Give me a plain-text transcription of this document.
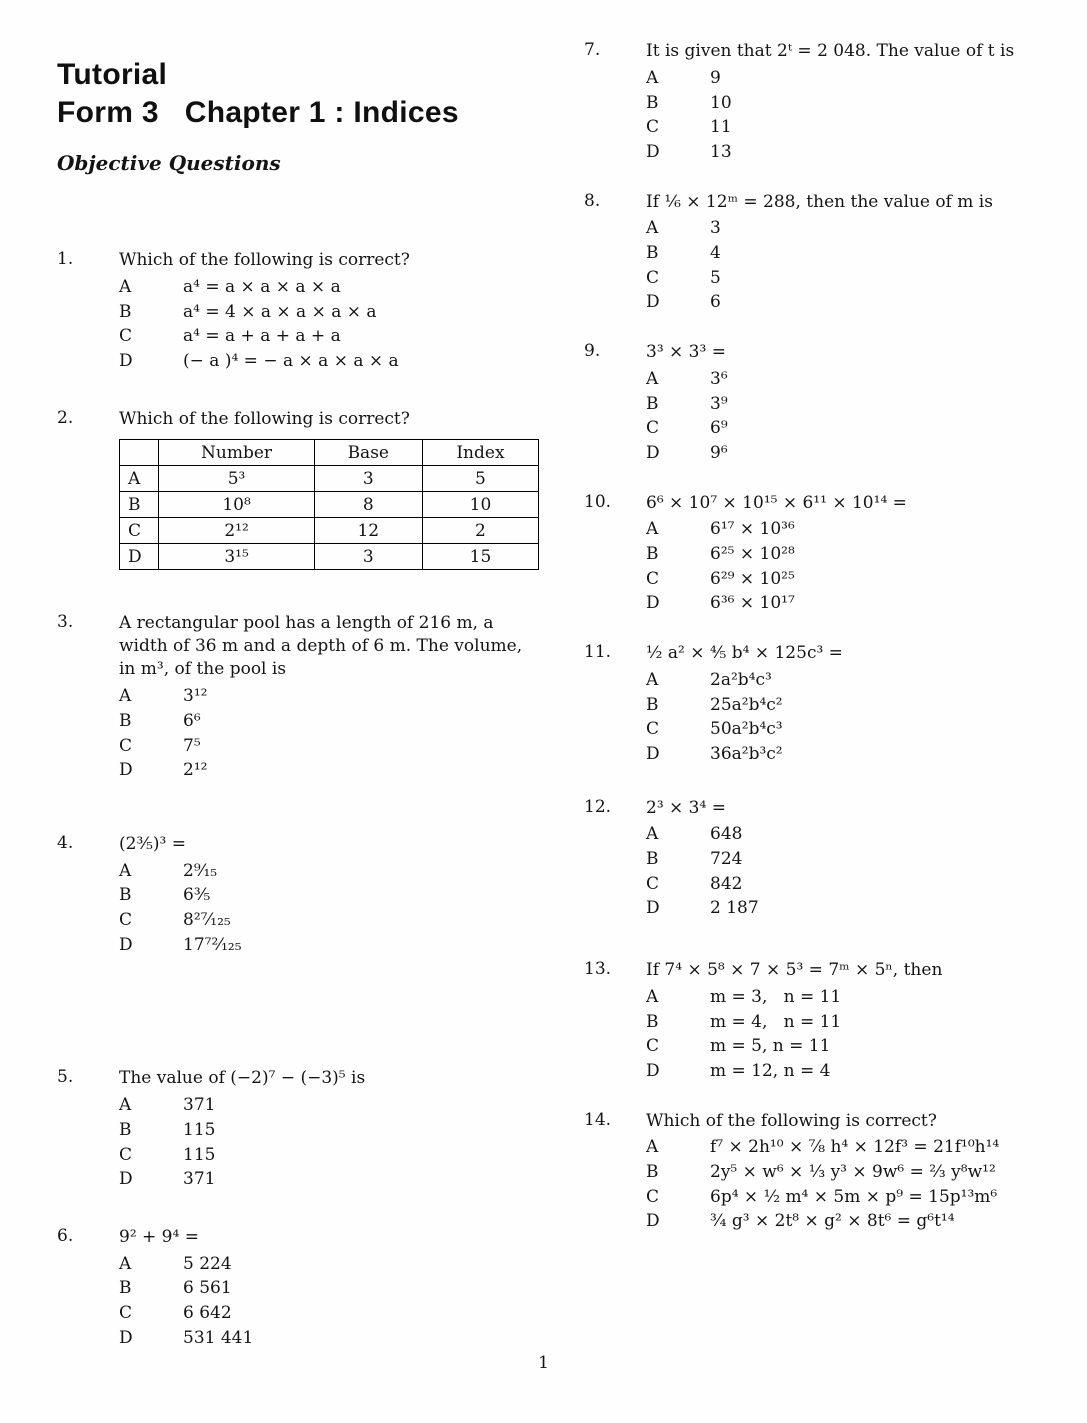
Tutorial
Form 3   Chapter 1 : Indices
Objective Questions
1.	Which of the following is correct?
A	a⁴ = a × a × a × a
B	a⁴ = 4 × a × a × a × a
C	a⁴ = a + a + a + a
D	(− a )⁴ = − a × a × a × a
2.	Which of the following is correct?
	Number	Base	Index
A	5³	3	5
B	10⁸	8	10
C	2¹²	12	2
D	3¹⁵	3	15
3.	A rectangular pool has a length of 216 m, a width of 36 m and a depth of 6 m. The volume, in m³, of the pool is
A	3¹²
B	6⁶
C	7⁵
D	2¹²
4.	(2³⁄₅)³ =
A	2⁹⁄₁₅
B	6³⁄₅
C	8²⁷⁄₁₂₅
D	17⁷²⁄₁₂₅
5.	The value of (−2)⁷ − (−3)⁵ is
A	371
B	115
C	115
D	371
6.	9² + 9⁴ =
A	5 224
B	6 561
C	6 642
D	531 441
7.	It is given that 2ᵗ = 2 048. The value of t is
A	9
B	10
C	11
D	13
8.	If ¹⁄₆ × 12ᵐ = 288, then the value of m is
A	3
B	4
C	5
D	6
9.	3³ × 3³ =
A	3⁶
B	3⁹
C	6⁹
D	9⁶
10.	6⁶ × 10⁷ × 10¹⁵ × 6¹¹ × 10¹⁴ =
A	6¹⁷ × 10³⁶
B	6²⁵ × 10²⁸
C	6²⁹ × 10²⁵
D	6³⁶ × 10¹⁷
11.	¹⁄₂ a² × ⁴⁄₅ b⁴ × 125c³ =
A	2a²b⁴c³
B	25a²b⁴c²
C	50a²b⁴c³
D	36a²b³c²
12.	2³ × 3⁴ =
A	648
B	724
C	842
D	2 187
13.	If 7⁴ × 5⁸ × 7 × 5³ = 7ᵐ × 5ⁿ, then
A	m = 3,   n = 11
B	m = 4,   n = 11
C	m = 5, n = 11
D	m = 12, n = 4
14.	Which of the following is correct?
A	f⁷ × 2h¹⁰ × ⁷⁄₈ h⁴ × 12f³ = 21f¹⁰h¹⁴
B	2y⁵ × w⁶ × ¹⁄₃ y³ × 9w⁶ = ²⁄₃ y⁸w¹²
C	6p⁴ × ¹⁄₂ m⁴ × 5m × p⁹ = 15p¹³m⁶
D	³⁄₄ g³ × 2t⁸ × g² × 8t⁶ = g⁶t¹⁴
1
